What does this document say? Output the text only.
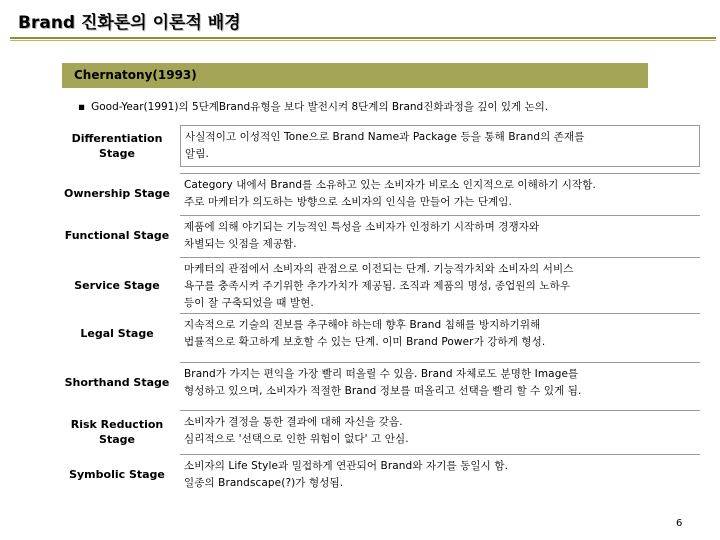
Brand 진화론의 이론적 배경
Chernatony(1993)
▪ Good-Year(1991)의 5단계Brand유형을 보다 발전시켜 8단계의 Brand진화과정을 깊이 있게 논의.
Differentiation Stage
사실적이고 이성적인 Tone으로 Brand Name과 Package 등을 통해 Brand의 존재를
알림.
Ownership Stage
Category 내에서 Brand를 소유하고 있는 소비자가 비로소 인지적으로 이해하기 시작함.
주로 마케터가 의도하는 방향으로 소비자의 인식을 만들어 가는 단계임.
Functional Stage
제품에 의해 야기되는 기능적인 특성을 소비자가 인정하기 시작하며 경쟁자와
차별되는 잇점을 제공함.
Service Stage
마케터의 관점에서 소비자의 관점으로 이전되는 단계. 기능적가치와 소비자의 서비스
욕구를 충족시켜 주기위한 추가가치가 제공됨. 조직과 제품의 명성, 종업원의 노하우
등이 잘 구축되었을 때 발현.
Legal Stage
지속적으로 기술의 진보를 추구해야 하는데 향후 Brand 침해를 방지하기위해
법률적으로 확고하게 보호할 수 있는 단계. 이미 Brand Power가 강하게 형성.
Shorthand Stage
Brand가 가지는 편익을 가장 빨리 떠올릴 수 있음. Brand 자체로도 분명한 Image를
형성하고 있으며, 소비자가 적절한 Brand 정보를 떠올리고 선택을 빨리 할 수 있게 됨.
Risk Reduction Stage
소비자가 결정을 통한 결과에 대해 자신을 갖음.
심리적으로 '선택으로 인한 위험이 없다' 고 안심.
Symbolic Stage
소비자의 Life Style과 밀접하게 연관되어 Brand와 자기를 동일시 함.
일종의 Brandscape(?)가 형성됨.
6
